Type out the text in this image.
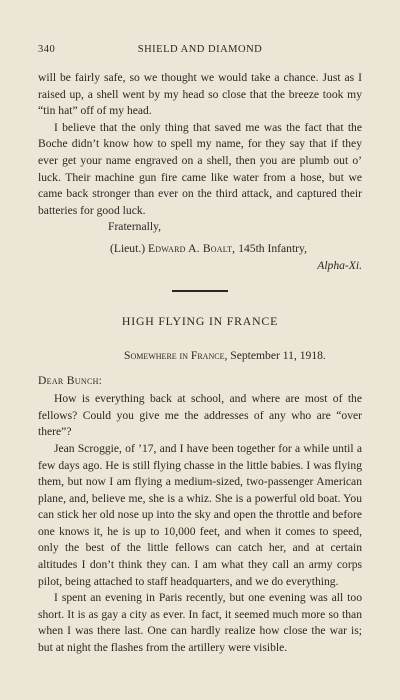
340	SHIELD AND DIAMOND

will be fairly safe, so we thought we would take a chance. Just as I raised up, a shell went by my head so close that the breeze took my “tin hat” off of my head.

I believe that the only thing that saved me was the fact that the Boche didn’t know how to spell my name, for they say that if they ever get your name engraved on a shell, then you are plumb out o’ luck. Their machine gun fire came like water from a hose, but we came back stronger than ever on the third attack, and captured their batteries for good luck.

Fraternally,
(Lieut.) Edward A. Boalt, 145th Infantry,
Alpha-Xi.
HIGH FLYING IN FRANCE
Somewhere in France, September 11, 1918.
Dear Bunch:

How is everything back at school, and where are most of the fellows? Could you give me the addresses of any who are “over there”?

Jean Scroggie, of ’17, and I have been together for a while until a few days ago. He is still flying chasse in the little babies. I was flying them, but now I am flying a medium-sized, two-passenger American plane, and, believe me, she is a whiz. She is a powerful old boat. You can stick her old nose up into the sky and open the throttle and before one knows it, he is up to 10,000 feet, and when it comes to speed, only the best of the little fellows can catch her, and at certain altitudes I don’t think they can. I am what they call an army corps pilot, being attached to staff headquarters, and we do everything.

I spent an evening in Paris recently, but one evening was all too short. It is as gay a city as ever. In fact, it seemed much more so than when I was there last. One can hardly realize how close the war is; but at night the flashes from the artillery were visible.
